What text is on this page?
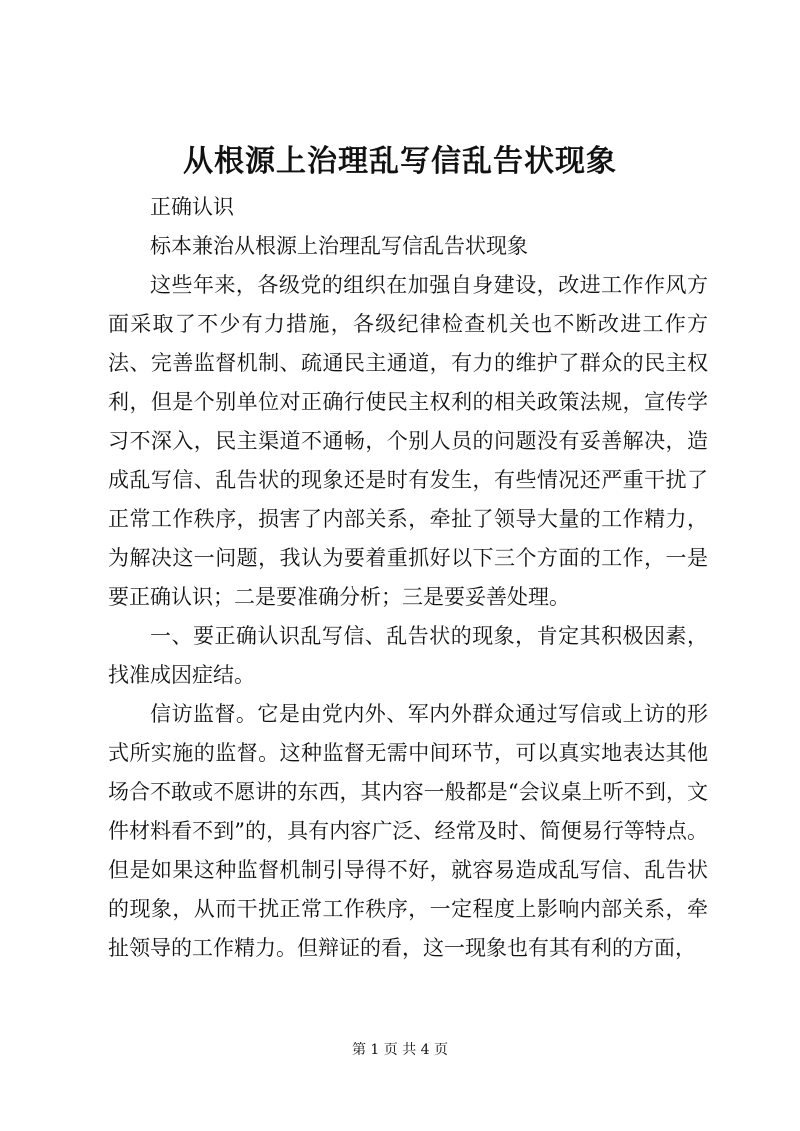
从根源上治理乱写信乱告状现象

正确认识

标本兼治从根源上治理乱写信乱告状现象

这些年来，各级党的组织在加强自身建设，改进工作作风方面采取了不少有力措施，各级纪律检查机关也不断改进工作方法、完善监督机制、疏通民主通道，有力的维护了群众的民主权利，但是个别单位对正确行使民主权利的相关政策法规，宣传学习不深入，民主渠道不通畅，个别人员的问题没有妥善解决，造成乱写信、乱告状的现象还是时有发生，有些情况还严重干扰了正常工作秩序，损害了内部关系，牵扯了领导大量的工作精力，为解决这一问题，我认为要着重抓好以下三个方面的工作，一是要正确认识；二是要准确分析；三是要妥善处理。

一、要正确认识乱写信、乱告状的现象，肯定其积极因素，找准成因症结。

信访监督。它是由党内外、军内外群众通过写信或上访的形式所实施的监督。这种监督无需中间环节，可以真实地表达其他场合不敢或不愿讲的东西，其内容一般都是“会议桌上听不到，文件材料看不到”的，具有内容广泛、经常及时、简便易行等特点。但是如果这种监督机制引导得不好，就容易造成乱写信、乱告状的现象，从而干扰正常工作秩序，一定程度上影响内部关系，牵扯领导的工作精力。但辩证的看，这一现象也有其有利的方面，

第 1 页 共 4 页
